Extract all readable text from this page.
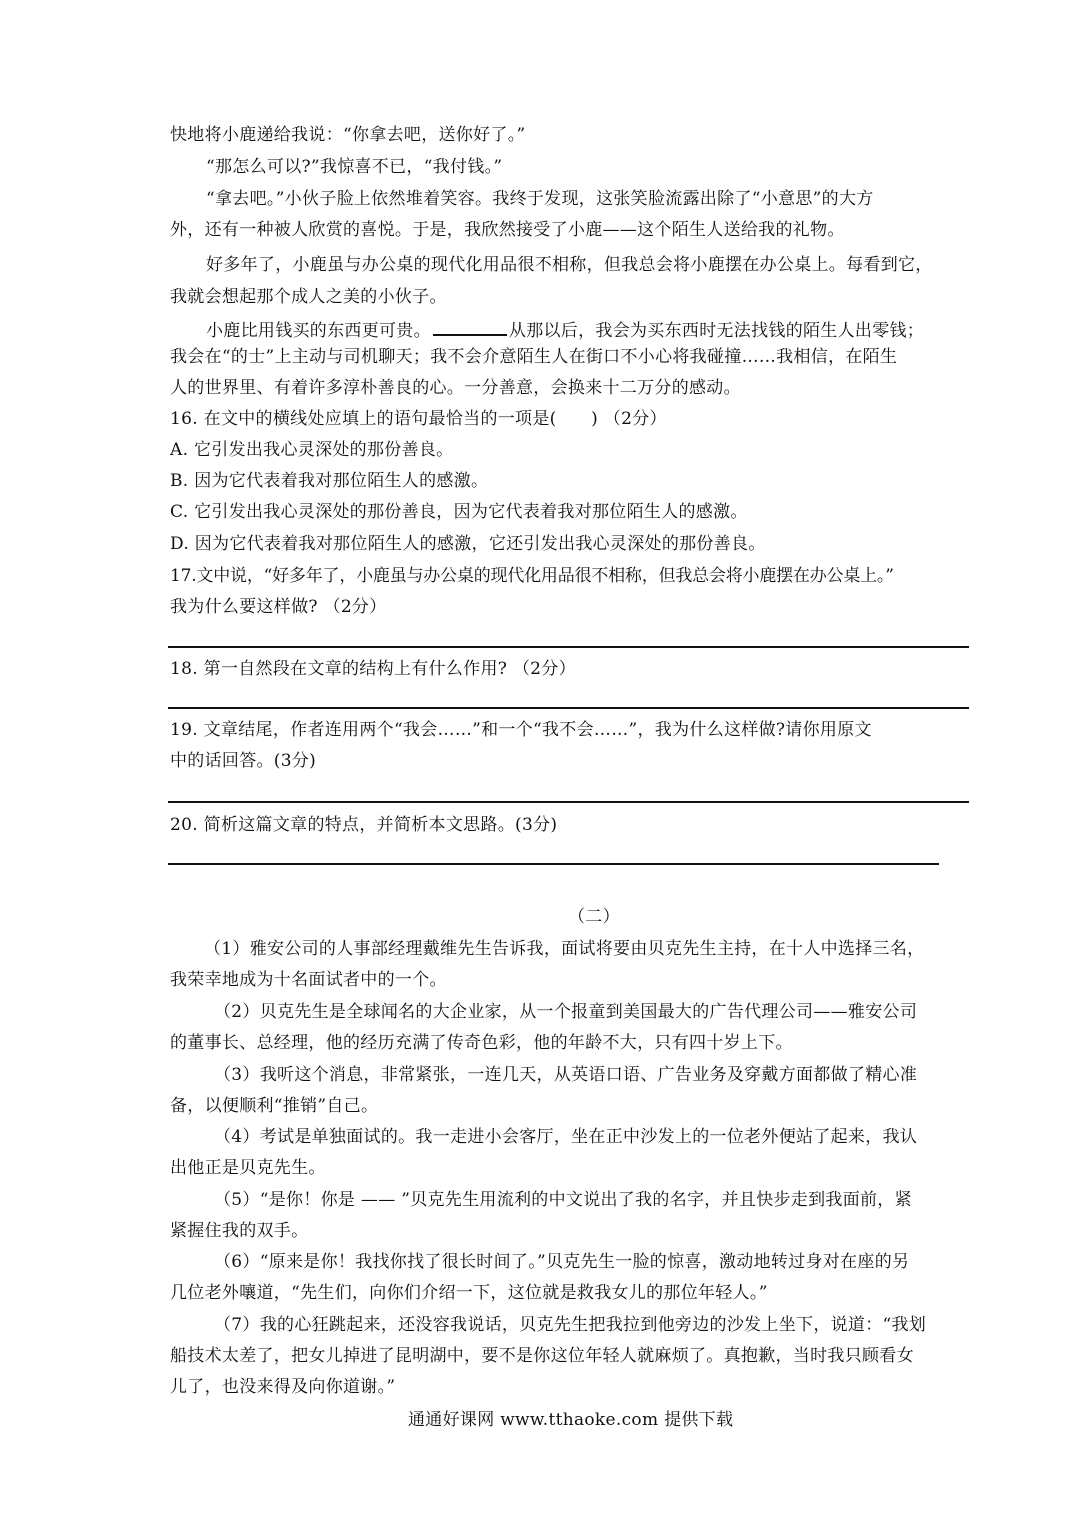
快地将小鹿递给我说：“你拿去吧，送你好了。”
“那怎么可以?”我惊喜不已，“我付钱。”
“拿去吧。”小伙子脸上依然堆着笑容。我终于发现，这张笑脸流露出除了“小意思”的大方
外，还有一种被人欣赏的喜悦。于是，我欣然接受了小鹿——这个陌生人送给我的礼物。
好多年了，小鹿虽与办公桌的现代化用品很不相称，但我总会将小鹿摆在办公桌上。每看到它，
我就会想起那个成人之美的小伙子。
小鹿比用钱买的东西更可贵。	从那以后，我会为买东西时无法找钱的陌生人出零钱；
我会在“的士”上主动与司机聊天；我不会介意陌生人在街口不小心将我碰撞……我相信，在陌生
人的世界里、有着许多淳朴善良的心。一分善意，会换来十二万分的感动。
16. 在文中的横线处应填上的语句最恰当的一项是(　　) （2分）
A. 它引发出我心灵深处的那份善良。
B. 因为它代表着我对那位陌生人的感激。
C. 它引发出我心灵深处的那份善良，因为它代表着我对那位陌生人的感激。
D. 因为它代表着我对那位陌生人的感激，它还引发出我心灵深处的那份善良。
17.文中说，“好多年了，小鹿虽与办公桌的现代化用品很不相称，但我总会将小鹿摆在办公桌上。”
我为什么要这样做? （2分）
18. 第一自然段在文章的结构上有什么作用? （2分）
19. 文章结尾，作者连用两个“我会……”和一个“我不会……”，我为什么这样做?请你用原文
中的话回答。(3分)
20. 简析这篇文章的特点，并简析本文思路。(3分)
（二）
（1）雅安公司的人事部经理戴维先生告诉我，面试将要由贝克先生主持，在十人中选择三名，
我荣幸地成为十名面试者中的一个。
（2）贝克先生是全球闻名的大企业家，从一个报童到美国最大的广告代理公司——雅安公司
的董事长、总经理，他的经历充满了传奇色彩，他的年龄不大，只有四十岁上下。
（3）我听这个消息，非常紧张，一连几天，从英语口语、广告业务及穿戴方面都做了精心准
备，以便顺利“推销”自己。
（4）考试是单独面试的。我一走进小会客厅，坐在正中沙发上的一位老外便站了起来，我认
出他正是贝克先生。
（5）“是你！你是 —— ”贝克先生用流利的中文说出了我的名字，并且快步走到我面前，紧
紧握住我的双手。
（6）“原来是你！我找你找了很长时间了。”贝克先生一脸的惊喜，激动地转过身对在座的另
几位老外嚷道，“先生们，向你们介绍一下，这位就是救我女儿的那位年轻人。”
（7）我的心狂跳起来，还没容我说话，贝克先生把我拉到他旁边的沙发上坐下，说道：“我划
船技术太差了，把女儿掉进了昆明湖中，要不是你这位年轻人就麻烦了。真抱歉，当时我只顾看女
儿了，也没来得及向你道谢。”
通通好课网 www.tthaoke.com 提供下载
